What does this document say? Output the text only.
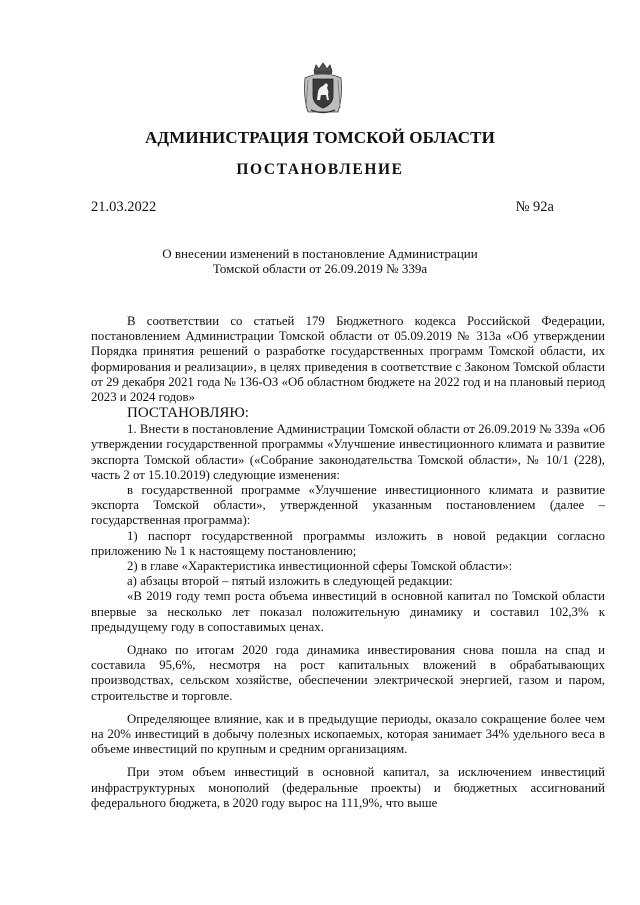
АДМИНИСТРАЦИЯ ТОМСКОЙ ОБЛАСТИ
ПОСТАНОВЛЕНИЕ
21.03.2022	№ 92а
О внесении изменений в постановление Администрации
Томской области от 26.09.2019 № 339а

В соответствии со статьей 179 Бюджетного кодекса Российской Федерации, постановлением Администрации Томской области от 05.09.2019 № 313а «Об утверждении Порядка принятия решений о разработке государственных программ Томской области, их формирования и реализации», в целях приведения в соответствие с Законом Томской области от 29 декабря 2021 года № 136-ОЗ «Об областном бюджете на 2022 год и на плановый период 2023 и 2024 годов»

ПОСТАНОВЛЯЮ:

1. Внести в постановление Администрации Томской области от 26.09.2019 № 339а «Об утверждении государственной программы «Улучшение инвестиционного климата и развитие экспорта Томской области» («Собрание законодательства Томской области», № 10/1 (228), часть 2 от 15.10.2019) следующие изменения:

в государственной программе «Улучшение инвестиционного климата и развитие экспорта Томской области», утвержденной указанным постановлением (далее – государственная программа):

1) паспорт государственной программы изложить в новой редакции согласно приложению № 1 к настоящему постановлению;

2) в главе «Характеристика инвестиционной сферы Томской области»:

а) абзацы второй – пятый изложить в следующей редакции:

«В 2019 году темп роста объема инвестиций в основной капитал по Томской области впервые за несколько лет показал положительную динамику и составил 102,3% к предыдущему году в сопоставимых ценах.

Однако по итогам 2020 года динамика инвестирования снова пошла на спад и составила 95,6%, несмотря на рост капитальных вложений в обрабатывающих производствах, сельском хозяйстве, обеспечении электрической энергией, газом и паром, строительстве и торговле.

Определяющее влияние, как и в предыдущие периоды, оказало сокращение более чем на 20% инвестиций в добычу полезных ископаемых, которая занимает 34% удельного веса в объеме инвестиций по крупным и средним организациям.

При этом объем инвестиций в основной капитал, за исключением инвестиций инфраструктурных монополий (федеральные проекты) и бюджетных ассигнований федерального бюджета, в 2020 году вырос на 111,9%, что выше
